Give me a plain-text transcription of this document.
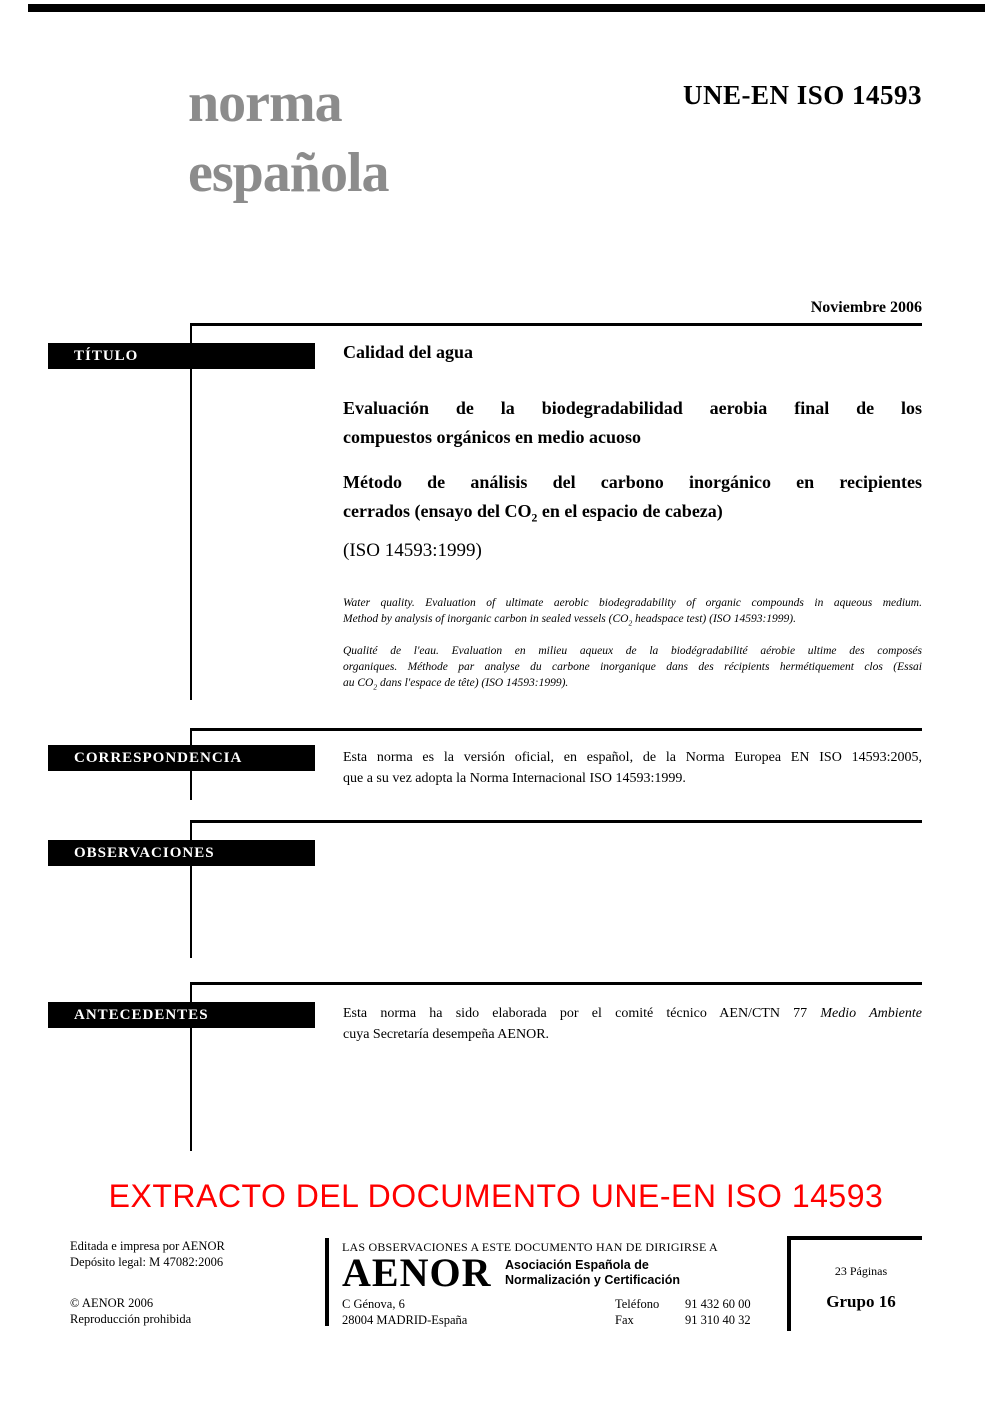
norma
española
UNE-EN ISO 14593
Noviembre 2006
TÍTULO
CORRESPONDENCIA
OBSERVACIONES
ANTECEDENTES
Calidad del agua
Evaluación de la biodegradabilidad aerobia final de los
compuestos orgánicos en medio acuoso
Método de análisis del carbono inorgánico en recipientes
cerrados (ensayo del $CO_2$ en el espacio de cabeza)
(ISO 14593:1999)
Water quality. Evaluation of ultimate aerobic biodegradability of organic compounds in aqueous medium.
Method by analysis of inorganic carbon in sealed vessels ($CO_2$ headspace test) (ISO 14593:1999).
Qualité de l'eau. Evaluation en milieu aqueux de la biodégradabilité aérobie ultime des composés
organiques. Méthode par analyse du carbone inorganique dans des récipients hermétiquement clos (Essai
au $CO_2$ dans l'espace de tête) (ISO 14593:1999).
Esta norma es la versión oficial, en español, de la Norma Europea EN ISO 14593:2005,
que a su vez adopta la Norma Internacional ISO 14593:1999.
Esta norma ha sido elaborada por el comité técnico AEN/CTN 77 Medio Ambiente
cuya Secretaría desempeña AENOR.
EXTRACTO DEL DOCUMENTO UNE-EN ISO 14593
Editada e impresa por AENOR
Depósito legal: M 47082:2006
© AENOR 2006
Reproducción prohibida
LAS OBSERVACIONES A ESTE DOCUMENTO HAN DE DIRIGIRSE A
AENOR Asociación Española de
Normalización y Certificación
C Génova, 6
28004 MADRID-España
Teléfono	91 432 60 00
Fax	91 310 40 32
23 Páginas
Grupo 16
